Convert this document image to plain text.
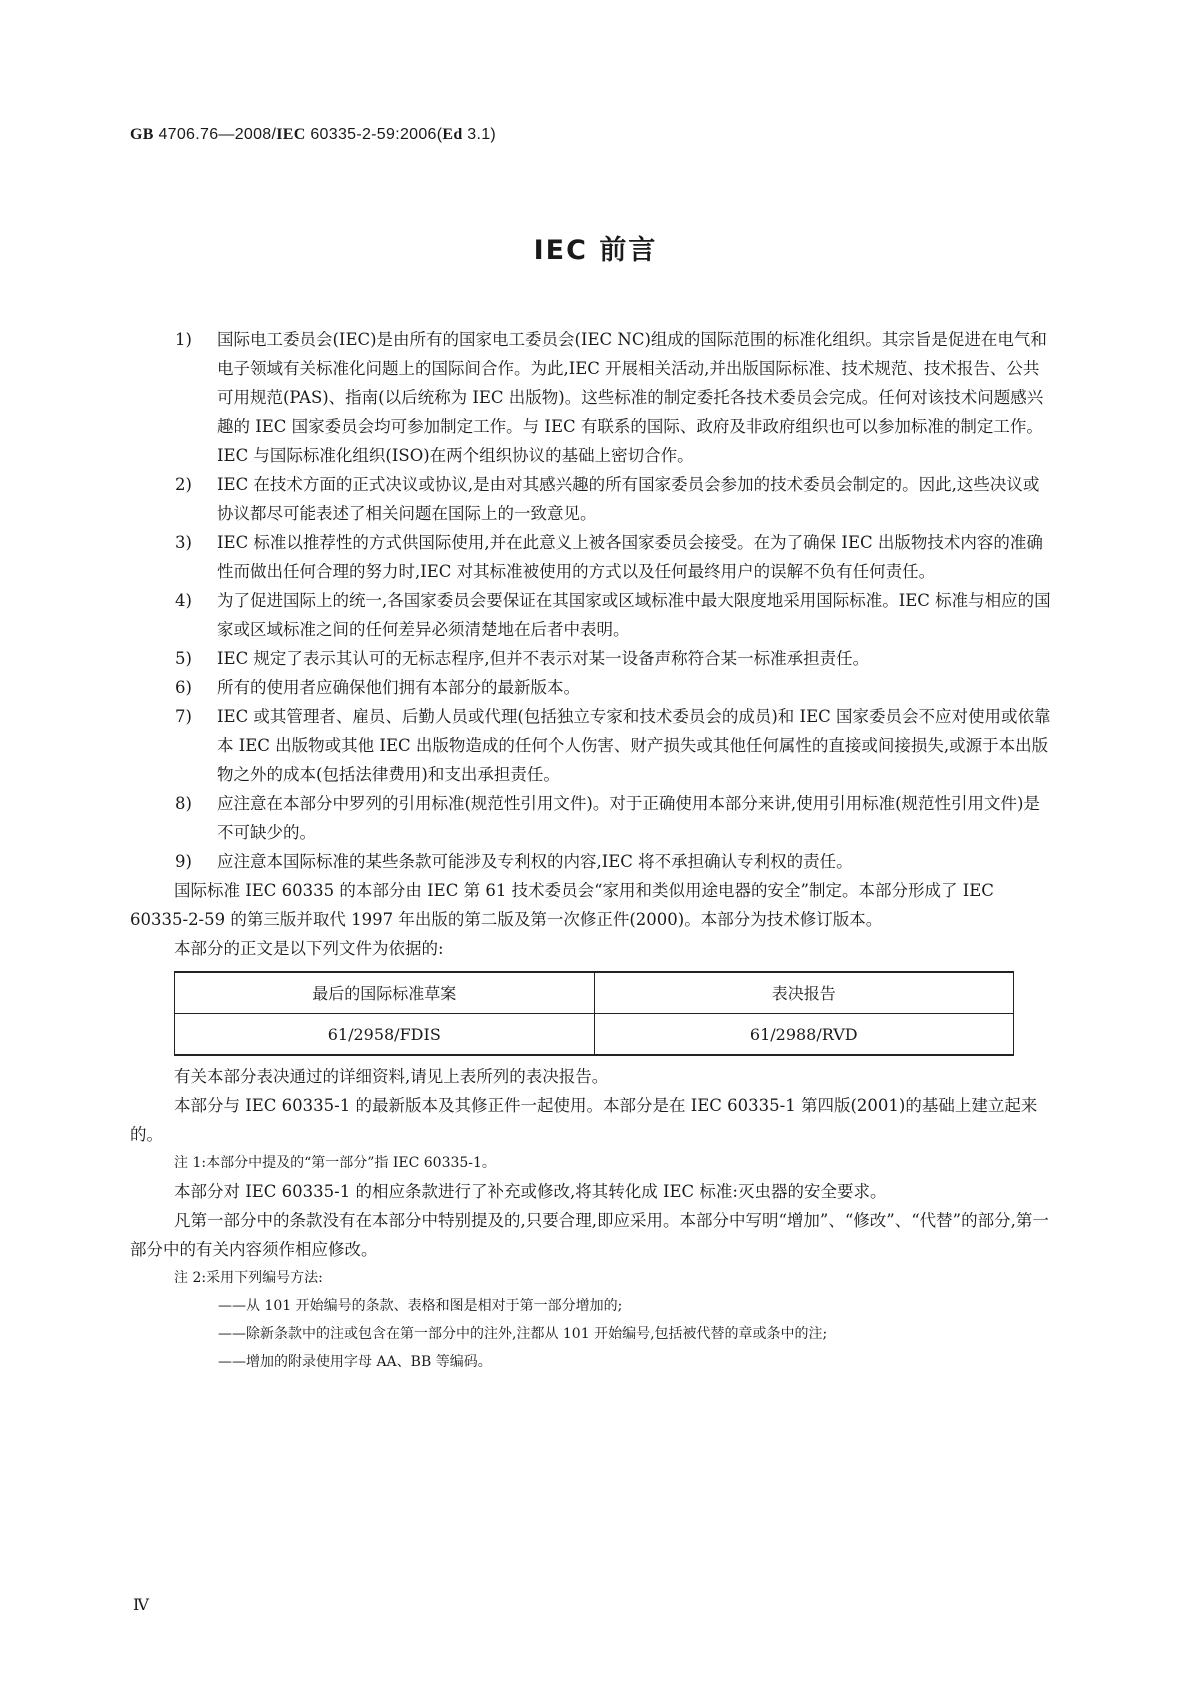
GB 4706.76—2008/IEC 60335-2-59:2006(Ed 3.1)
IEC 前言
1) 国际电工委员会(IEC)是由所有的国家电工委员会(IEC NC)组成的国际范围的标准化组织。其宗旨是促进在电气和电子领域有关标准化问题上的国际间合作。为此,IEC 开展相关活动,并出版国际标准、技术规范、技术报告、公共可用规范(PAS)、指南(以后统称为 IEC 出版物)。这些标准的制定委托各技术委员会完成。任何对该技术问题感兴趣的 IEC 国家委员会均可参加制定工作。与 IEC 有联系的国际、政府及非政府组织也可以参加标准的制定工作。IEC 与国际标准化组织(ISO)在两个组织协议的基础上密切合作。
2) IEC 在技术方面的正式决议或协议,是由对其感兴趣的所有国家委员会参加的技术委员会制定的。因此,这些决议或协议都尽可能表述了相关问题在国际上的一致意见。
3) IEC 标准以推荐性的方式供国际使用,并在此意义上被各国家委员会接受。在为了确保 IEC 出版物技术内容的准确性而做出任何合理的努力时,IEC 对其标准被使用的方式以及任何最终用户的误解不负有任何责任。
4) 为了促进国际上的统一,各国家委员会要保证在其国家或区域标准中最大限度地采用国际标准。IEC 标准与相应的国家或区域标准之间的任何差异必须清楚地在后者中表明。
5) IEC 规定了表示其认可的无标志程序,但并不表示对某一设备声称符合某一标准承担责任。
6) 所有的使用者应确保他们拥有本部分的最新版本。
7) IEC 或其管理者、雇员、后勤人员或代理(包括独立专家和技术委员会的成员)和 IEC 国家委员会不应对使用或依靠本 IEC 出版物或其他 IEC 出版物造成的任何个人伤害、财产损失或其他任何属性的直接或间接损失,或源于本出版物之外的成本(包括法律费用)和支出承担责任。
8) 应注意在本部分中罗列的引用标准(规范性引用文件)。对于正确使用本部分来讲,使用引用标准(规范性引用文件)是不可缺少的。
9) 应注意本国际标准的某些条款可能涉及专利权的内容,IEC 将不承担确认专利权的责任。

国际标准 IEC 60335 的本部分由 IEC 第 61 技术委员会“家用和类似用途电器的安全”制定。本部分形成了 IEC 60335-2-59 的第三版并取代 1997 年出版的第二版及第一次修正件(2000)。本部分为技术修订版本。

本部分的正文是以下列文件为依据的:

最后的国际标准草案	表决报告
61/2958/FDIS	61/2988/RVD

有关本部分表决通过的详细资料,请见上表所列的表决报告。

本部分与 IEC 60335-1 的最新版本及其修正件一起使用。本部分是在 IEC 60335-1 第四版(2001)的基础上建立起来的。

注 1:本部分中提及的“第一部分”指 IEC 60335-1。

本部分对 IEC 60335-1 的相应条款进行了补充或修改,将其转化成 IEC 标准:灭虫器的安全要求。

凡第一部分中的条款没有在本部分中特别提及的,只要合理,即应采用。本部分中写明“增加”、“修改”、“代替”的部分,第一部分中的有关内容须作相应修改。

注 2:采用下列编号方法:
——从 101 开始编号的条款、表格和图是相对于第一部分增加的;
——除新条款中的注或包含在第一部分中的注外,注都从 101 开始编号,包括被代替的章或条中的注;
——增加的附录使用字母 AA、BB 等编码。
Ⅳ
